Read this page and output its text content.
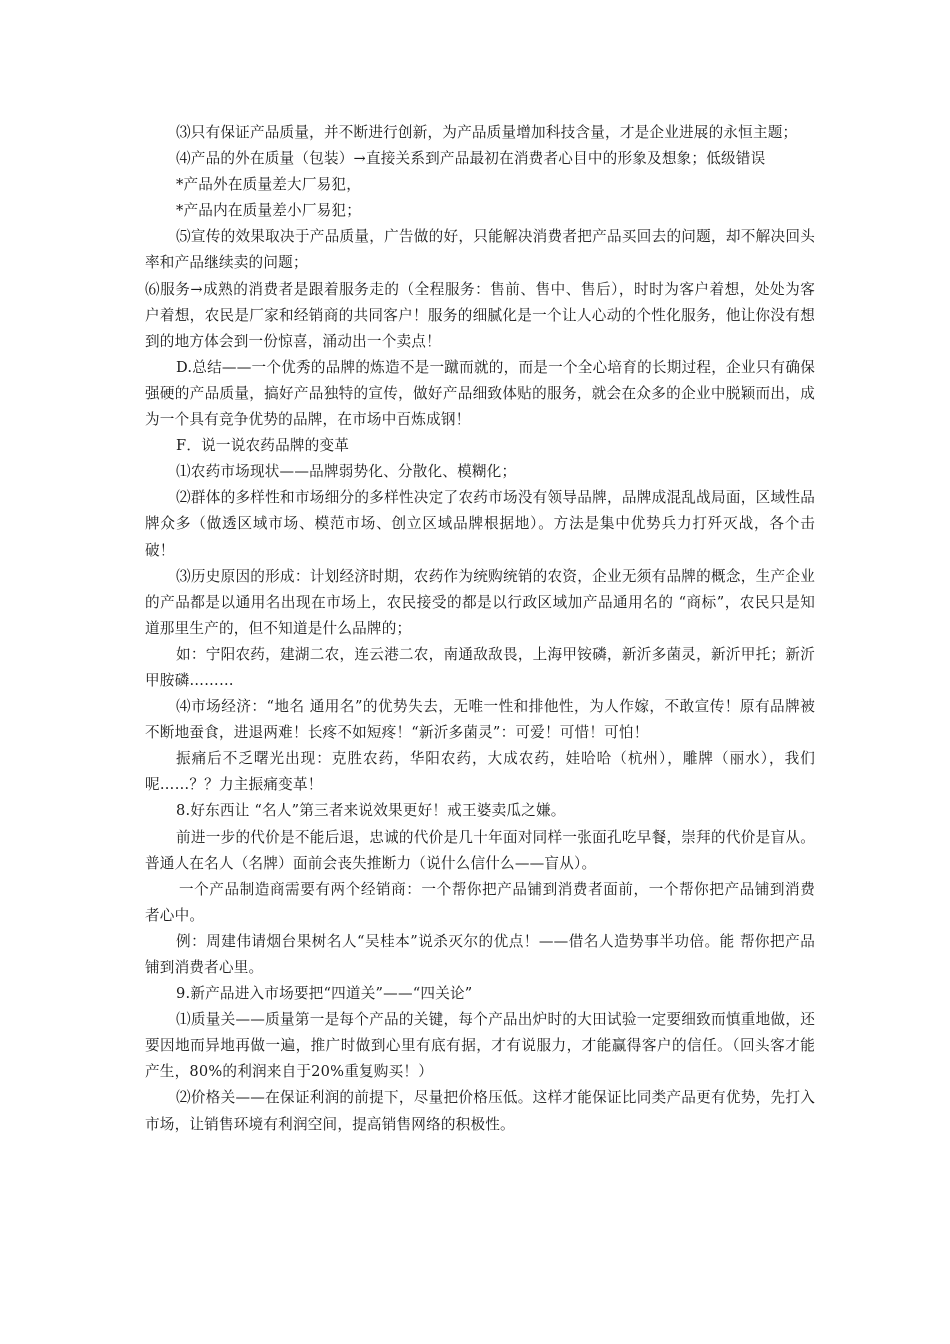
⑶只有保证产品质量，并不断进行创新，为产品质量增加科技含量，才是企业进展的永恒主题；

⑷产品的外在质量（包装）→直接关系到产品最初在消费者心目中的形象及想象；低级错误

*产品外在质量差大厂易犯，

*产品内在质量差小厂易犯；

⑸宣传的效果取决于产品质量，广告做的好，只能解决消费者把产品买回去的问题，却不解决回头率和产品继续卖的问题；

⑹服务→成熟的消费者是跟着服务走的（全程服务：售前、售中、售后），时时为客户着想，处处为客户着想，农民是厂家和经销商的共同客户！服务的细腻化是一个让人心动的个性化服务，他让你没有想到的地方体会到一份惊喜，涌动出一个卖点！

D.总结——一个优秀的品牌的炼造不是一蹴而就的，而是一个全心培育的长期过程，企业只有确保强硬的产品质量，搞好产品独特的宣传，做好产品细致体贴的服务，就会在众多的企业中脱颖而出，成为一个具有竞争优势的品牌，在市场中百炼成钢！

F．说一说农药品牌的变革

⑴农药市场现状——品牌弱势化、分散化、模糊化；

⑵群体的多样性和市场细分的多样性决定了农药市场没有领导品牌，品牌成混乱战局面，区域性品牌众多（做透区域市场、模范市场、创立区域品牌根据地）。方法是集中优势兵力打歼灭战，各个击破！

⑶历史原因的形成：计划经济时期，农药作为统购统销的农资，企业无须有品牌的概念，生产企业的产品都是以通用名出现在市场上，农民接受的都是以行政区域加产品通用名的 “商标”，农民只是知道那里生产的，但不知道是什么品牌的；

如：宁阳农药，建湖二农，连云港二农，南通敌敌畏，上海甲铵磷，新沂多菌灵，新沂甲托；新沂甲胺磷………

⑷市场经济：“地名 通用名”的优势失去，无唯一性和排他性，为人作嫁，不敢宣传！原有品牌被不断地蚕食，进退两难！长疼不如短疼！“新沂多菌灵”：可爱！可惜！可怕！

振痛后不乏曙光出现：克胜农药，华阳农药，大成农药，娃哈哈（杭州），雕牌（丽水），我们呢……？？力主振痛变革！

8.好东西让 “名人”第三者来说效果更好！戒王婆卖瓜之嫌。

前进一步的代价是不能后退，忠诚的代价是几十年面对同样一张面孔吃早餐，崇拜的代价是盲从。普通人在名人（名牌）面前会丧失推断力（说什么信什么——盲从）。

一个产品制造商需要有两个经销商：一个帮你把产品铺到消费者面前，一个帮你把产品铺到消费者心中。

例：周建伟请烟台果树名人“吴桂本”说杀灭尔的优点！——借名人造势事半功倍。能 帮你把产品铺到消费者心里。

9.新产品进入市场要把“四道关”——“四关论”

⑴质量关——质量第一是每个产品的关键，每个产品出炉时的大田试验一定要细致而慎重地做，还要因地而异地再做一遍，推广时做到心里有底有据，才有说服力，才能赢得客户的信任。（回头客才能产生，80%的利润来自于20%重复购买！）

⑵价格关——在保证利润的前提下，尽量把价格压低。这样才能保证比同类产品更有优势，先打入市场，让销售环境有利润空间，提高销售网络的积极性。
